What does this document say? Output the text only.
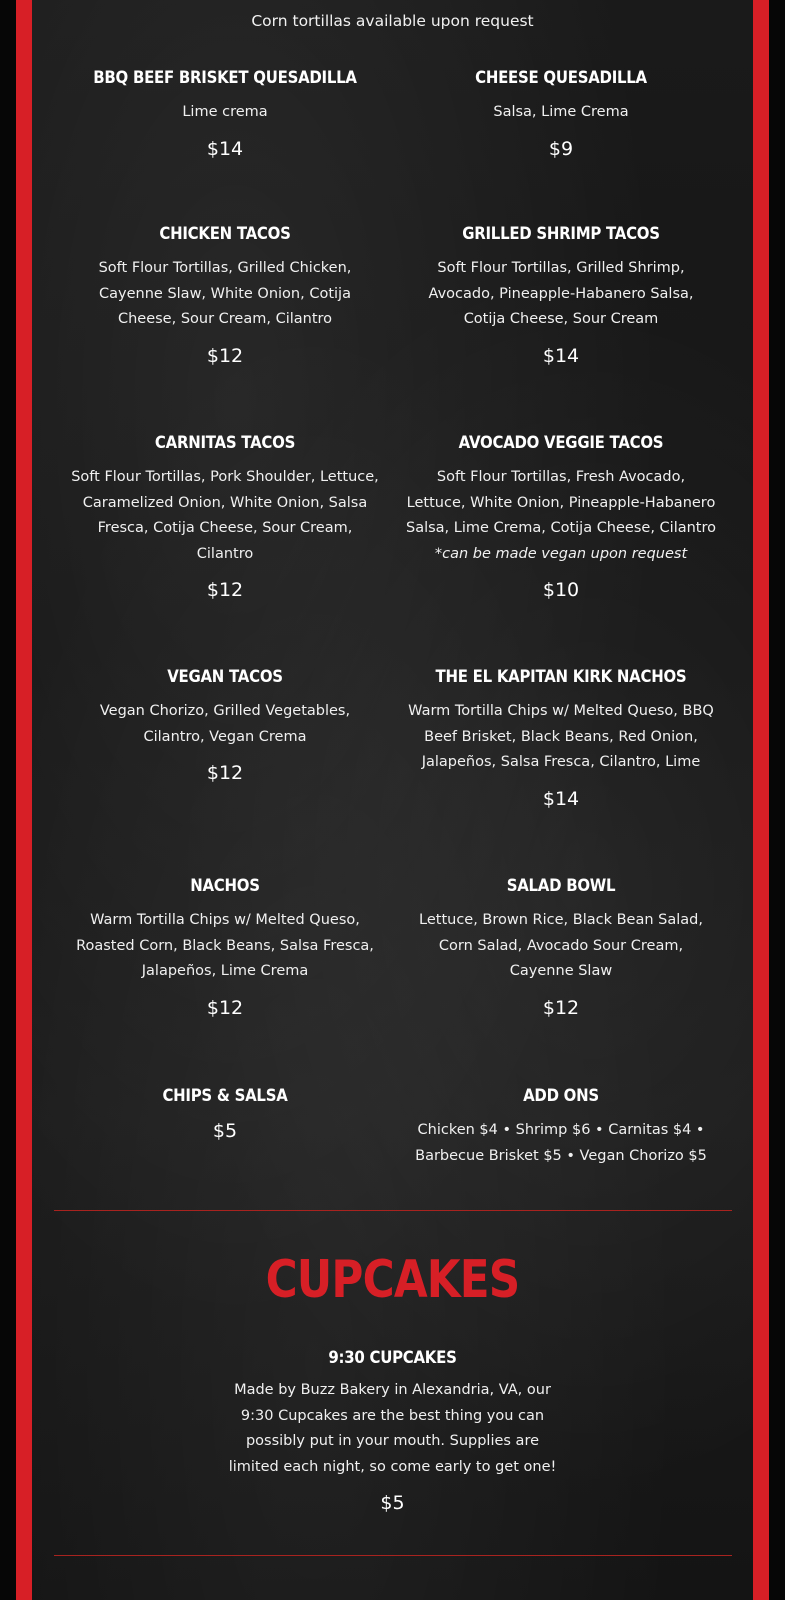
Corn tortillas available upon request
BBQ BEEF BRISKET QUESADILLA
Lime crema
$14
CHEESE QUESADILLA
Salsa, Lime Crema
$9
CHICKEN TACOS
Soft Flour Tortillas, Grilled Chicken, Cayenne Slaw, White Onion, Cotija Cheese, Sour Cream, Cilantro
$12
GRILLED SHRIMP TACOS
Soft Flour Tortillas, Grilled Shrimp, Avocado, Pineapple-Habanero Salsa, Cotija Cheese, Sour Cream
$14
CARNITAS TACOS
Soft Flour Tortillas, Pork Shoulder, Lettuce, Caramelized Onion, White Onion, Salsa Fresca, Cotija Cheese, Sour Cream, Cilantro
$12
AVOCADO VEGGIE TACOS
Soft Flour Tortillas, Fresh Avocado, Lettuce, White Onion, Pineapple-Habanero Salsa, Lime Crema, Cotija Cheese, Cilantro
*can be made vegan upon request
$10
VEGAN TACOS
Vegan Chorizo, Grilled Vegetables, Cilantro, Vegan Crema
$12
THE EL KAPITAN KIRK NACHOS
Warm Tortilla Chips w/ Melted Queso, BBQ Beef Brisket, Black Beans, Red Onion, Jalapeños, Salsa Fresca, Cilantro, Lime
$14
NACHOS
Warm Tortilla Chips w/ Melted Queso, Roasted Corn, Black Beans, Salsa Fresca, Jalapeños, Lime Crema
$12
SALAD BOWL
Lettuce, Brown Rice, Black Bean Salad, Corn Salad, Avocado Sour Cream, Cayenne Slaw
$12
CHIPS & SALSA
$5
ADD ONS
Chicken $4 • Shrimp $6 • Carnitas $4 • Barbecue Brisket $5 • Vegan Chorizo $5
CUPCAKES
9:30 CUPCAKES
Made by Buzz Bakery in Alexandria, VA, our 9:30 Cupcakes are the best thing you can possibly put in your mouth. Supplies are limited each night, so come early to get one!
$5
